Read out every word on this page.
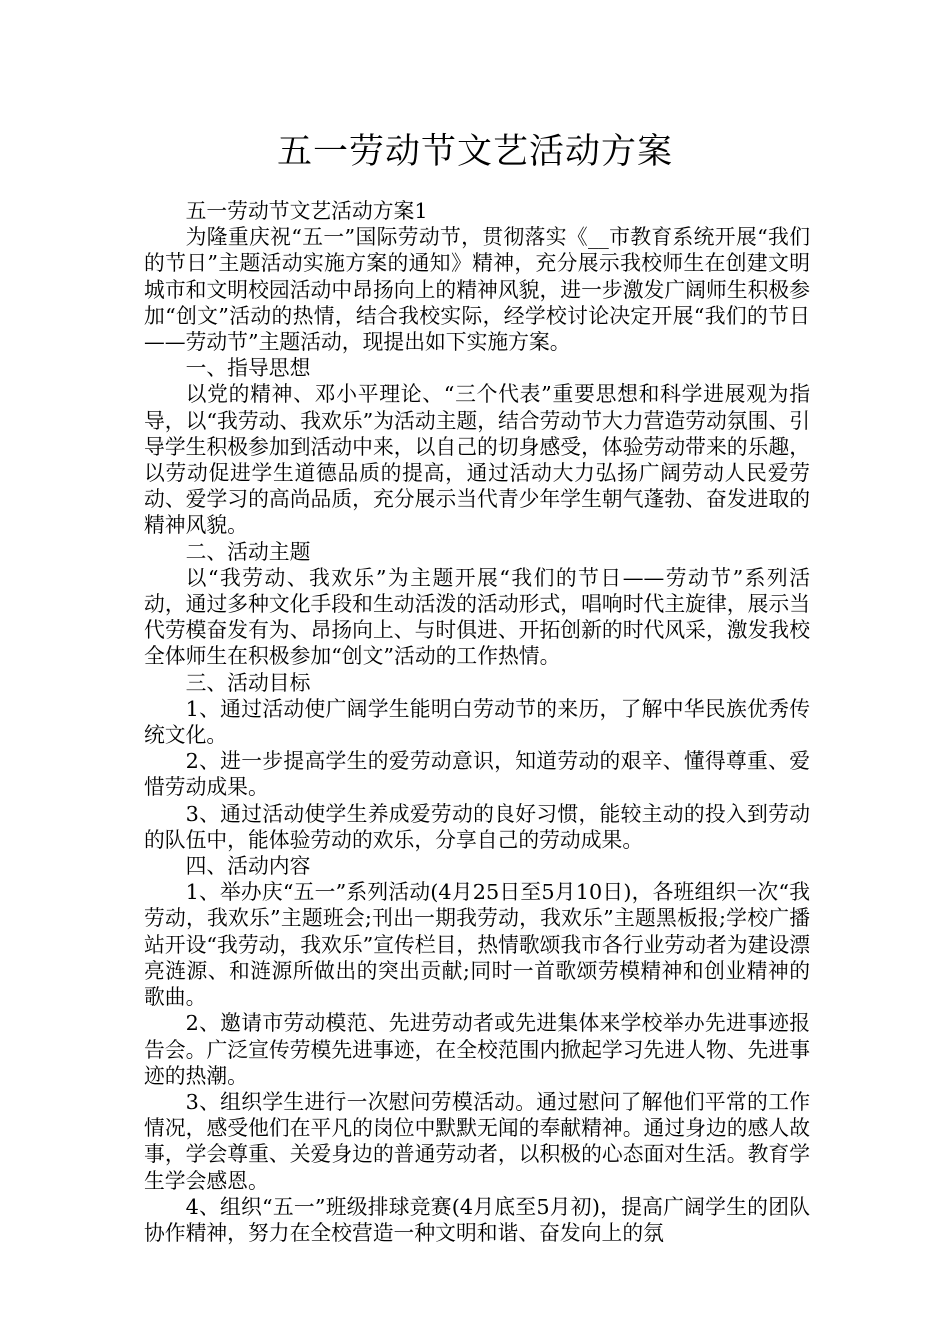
五一劳动节文艺活动方案

五一劳动节文艺活动方案1

为隆重庆祝“五一”国际劳动节，贯彻落实《__市教育系统开展“我们的节日”主题活动实施方案的通知》精神，充分展示我校师生在创建文明城市和文明校园活动中昂扬向上的精神风貌，进一步激发广阔师生积极参加“创文”活动的热情，结合我校实际，经学校讨论决定开展“我们的节日——劳动节”主题活动，现提出如下实施方案。

一、指导思想

以党的精神、邓小平理论、“三个代表”重要思想和科学进展观为指导，以“我劳动、我欢乐”为活动主题，结合劳动节大力营造劳动氛围、引导学生积极参加到活动中来，以自己的切身感受，体验劳动带来的乐趣，以劳动促进学生道德品质的提高，通过活动大力弘扬广阔劳动人民爱劳动、爱学习的高尚品质，充分展示当代青少年学生朝气蓬勃、奋发进取的精神风貌。

二、活动主题

以“我劳动、我欢乐”为主题开展“我们的节日——劳动节”系列活动，通过多种文化手段和生动活泼的活动形式，唱响时代主旋律，展示当代劳模奋发有为、昂扬向上、与时俱进、开拓创新的时代风采，激发我校全体师生在积极参加“创文”活动的工作热情。

三、活动目标

1、通过活动使广阔学生能明白劳动节的来历，了解中华民族优秀传统文化。

2、进一步提高学生的爱劳动意识，知道劳动的艰辛、懂得尊重、爱惜劳动成果。

3、通过活动使学生养成爱劳动的良好习惯，能较主动的投入到劳动的队伍中，能体验劳动的欢乐，分享自己的劳动成果。

四、活动内容

1、举办庆“五一”系列活动(4月25日至5月10日)，各班组织一次“我劳动，我欢乐”主题班会;刊出一期我劳动，我欢乐”主题黑板报;学校广播站开设“我劳动，我欢乐”宣传栏目，热情歌颂我市各行业劳动者为建设漂亮涟源、和涟源所做出的突出贡献;同时一首歌颂劳模精神和创业精神的歌曲。

2、邀请市劳动模范、先进劳动者或先进集体来学校举办先进事迹报告会。广泛宣传劳模先进事迹，在全校范围内掀起学习先进人物、先进事迹的热潮。

3、组织学生进行一次慰问劳模活动。通过慰问了解他们平常的工作情况，感受他们在平凡的岗位中默默无闻的奉献精神。通过身边的感人故事，学会尊重、关爱身边的普通劳动者，以积极的心态面对生活。教育学生学会感恩。

4、组织“五一”班级排球竞赛(4月底至5月初)，提高广阔学生的团队协作精神，努力在全校营造一种文明和谐、奋发向上的氛
